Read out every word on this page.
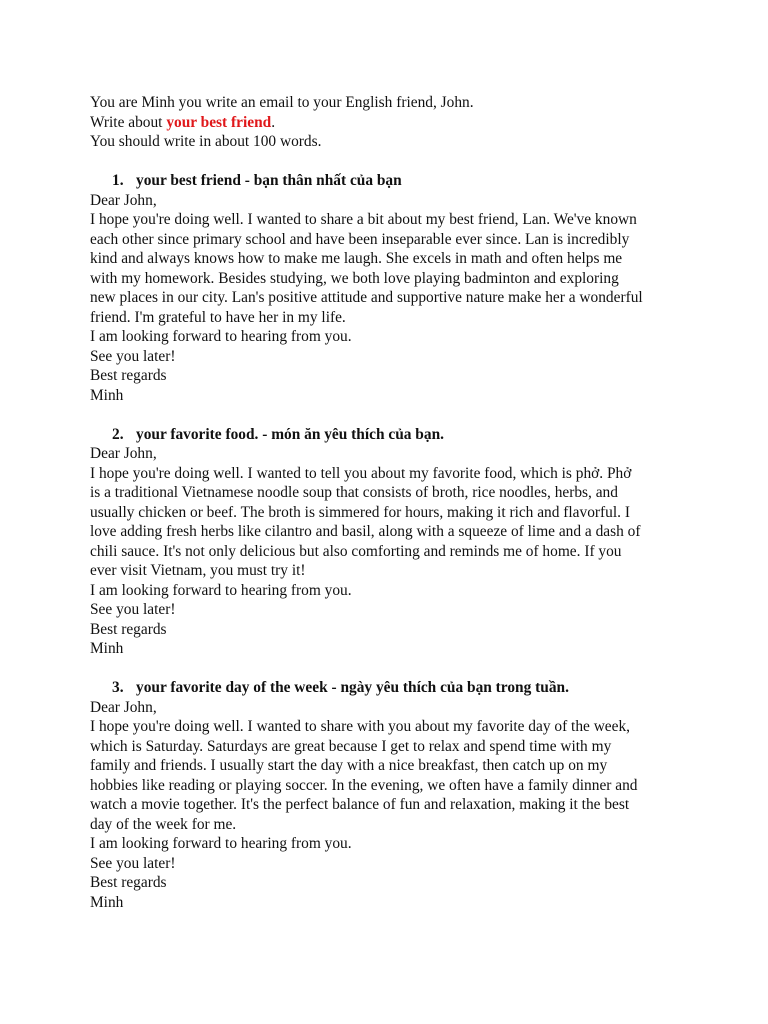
You are Minh you write an email to your English friend, John.
Write about your best friend.
You should write in about 100 words.
1. your best friend - bạn thân nhất của bạn
Dear John,
I hope you're doing well. I wanted to share a bit about my best friend, Lan. We've known
each other since primary school and have been inseparable ever since. Lan is incredibly
kind and always knows how to make me laugh. She excels in math and often helps me
with my homework. Besides studying, we both love playing badminton and exploring
new places in our city. Lan's positive attitude and supportive nature make her a wonderful
friend. I'm grateful to have her in my life.
I am looking forward to hearing from you.
See you later!
Best regards
Minh
2. your favorite food. - món ăn yêu thích của bạn.
Dear John,
I hope you're doing well. I wanted to tell you about my favorite food, which is phở. Phở
is a traditional Vietnamese noodle soup that consists of broth, rice noodles, herbs, and
usually chicken or beef. The broth is simmered for hours, making it rich and flavorful. I
love adding fresh herbs like cilantro and basil, along with a squeeze of lime and a dash of
chili sauce. It's not only delicious but also comforting and reminds me of home. If you
ever visit Vietnam, you must try it!
I am looking forward to hearing from you.
See you later!
Best regards
Minh
3. your favorite day of the week - ngày yêu thích của bạn trong tuần.
Dear John,
I hope you're doing well. I wanted to share with you about my favorite day of the week,
which is Saturday. Saturdays are great because I get to relax and spend time with my
family and friends. I usually start the day with a nice breakfast, then catch up on my
hobbies like reading or playing soccer. In the evening, we often have a family dinner and
watch a movie together. It's the perfect balance of fun and relaxation, making it the best
day of the week for me.
I am looking forward to hearing from you.
See you later!
Best regards
Minh
